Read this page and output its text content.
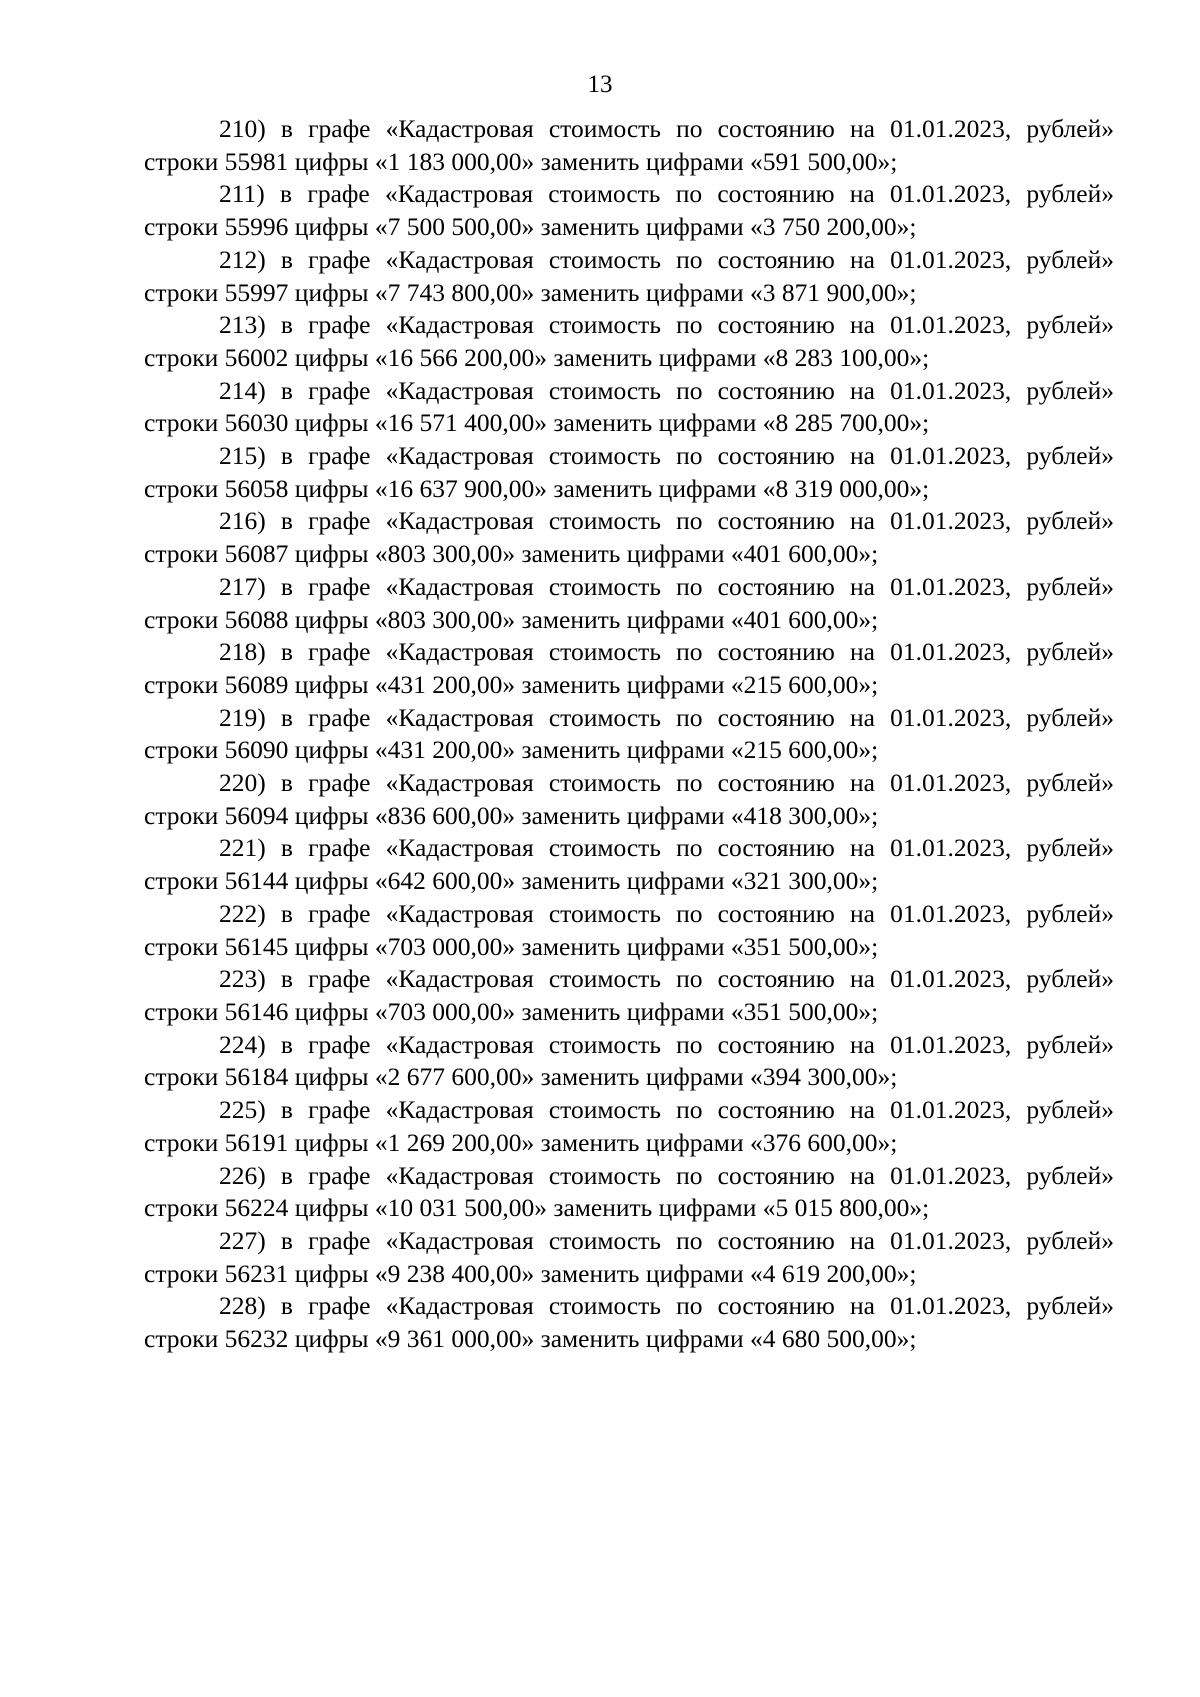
13

210) в графе «Кадастровая стоимость по состоянию на 01.01.2023, рублей» строки 55981 цифры «1 183 000,00» заменить цифрами «591 500,00»;

211) в графе «Кадастровая стоимость по состоянию на 01.01.2023, рублей» строки 55996 цифры «7 500 500,00» заменить цифрами «3 750 200,00»;

212) в графе «Кадастровая стоимость по состоянию на 01.01.2023, рублей» строки 55997 цифры «7 743 800,00» заменить цифрами «3 871 900,00»;

213) в графе «Кадастровая стоимость по состоянию на 01.01.2023, рублей» строки 56002 цифры «16 566 200,00» заменить цифрами «8 283 100,00»;

214) в графе «Кадастровая стоимость по состоянию на 01.01.2023, рублей» строки 56030 цифры «16 571 400,00» заменить цифрами «8 285 700,00»;

215) в графе «Кадастровая стоимость по состоянию на 01.01.2023, рублей» строки 56058 цифры «16 637 900,00» заменить цифрами «8 319 000,00»;

216) в графе «Кадастровая стоимость по состоянию на 01.01.2023, рублей» строки 56087 цифры «803 300,00» заменить цифрами «401 600,00»;

217) в графе «Кадастровая стоимость по состоянию на 01.01.2023, рублей» строки 56088 цифры «803 300,00» заменить цифрами «401 600,00»;

218) в графе «Кадастровая стоимость по состоянию на 01.01.2023, рублей» строки 56089 цифры «431 200,00» заменить цифрами «215 600,00»;

219) в графе «Кадастровая стоимость по состоянию на 01.01.2023, рублей» строки 56090 цифры «431 200,00» заменить цифрами «215 600,00»;

220) в графе «Кадастровая стоимость по состоянию на 01.01.2023, рублей» строки 56094 цифры «836 600,00» заменить цифрами «418 300,00»;

221) в графе «Кадастровая стоимость по состоянию на 01.01.2023, рублей» строки 56144 цифры «642 600,00» заменить цифрами «321 300,00»;

222) в графе «Кадастровая стоимость по состоянию на 01.01.2023, рублей» строки 56145 цифры «703 000,00» заменить цифрами «351 500,00»;

223) в графе «Кадастровая стоимость по состоянию на 01.01.2023, рублей» строки 56146 цифры «703 000,00» заменить цифрами «351 500,00»;

224) в графе «Кадастровая стоимость по состоянию на 01.01.2023, рублей» строки 56184 цифры «2 677 600,00» заменить цифрами «394 300,00»;

225) в графе «Кадастровая стоимость по состоянию на 01.01.2023, рублей» строки 56191 цифры «1 269 200,00» заменить цифрами «376 600,00»;

226) в графе «Кадастровая стоимость по состоянию на 01.01.2023, рублей» строки 56224 цифры «10 031 500,00» заменить цифрами «5 015 800,00»;

227) в графе «Кадастровая стоимость по состоянию на 01.01.2023, рублей» строки 56231 цифры «9 238 400,00» заменить цифрами «4 619 200,00»;

228) в графе «Кадастровая стоимость по состоянию на 01.01.2023, рублей» строки 56232 цифры «9 361 000,00» заменить цифрами «4 680 500,00»;
